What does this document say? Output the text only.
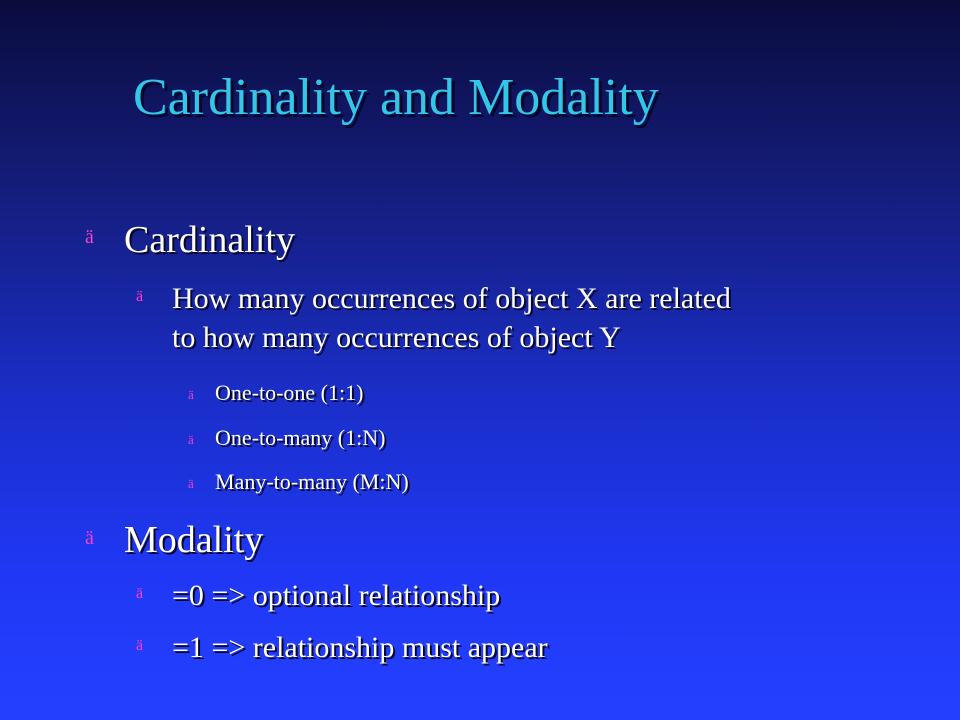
Cardinality and Modality
ä Cardinality
ä How many occurrences of object X are related
to how many occurrences of object Y
ä One-to-one (1:1)
ä One-to-many (1:N)
ä Many-to-many (M:N)
ä Modality
ä =0 => optional relationship
ä =1 => relationship must appear
